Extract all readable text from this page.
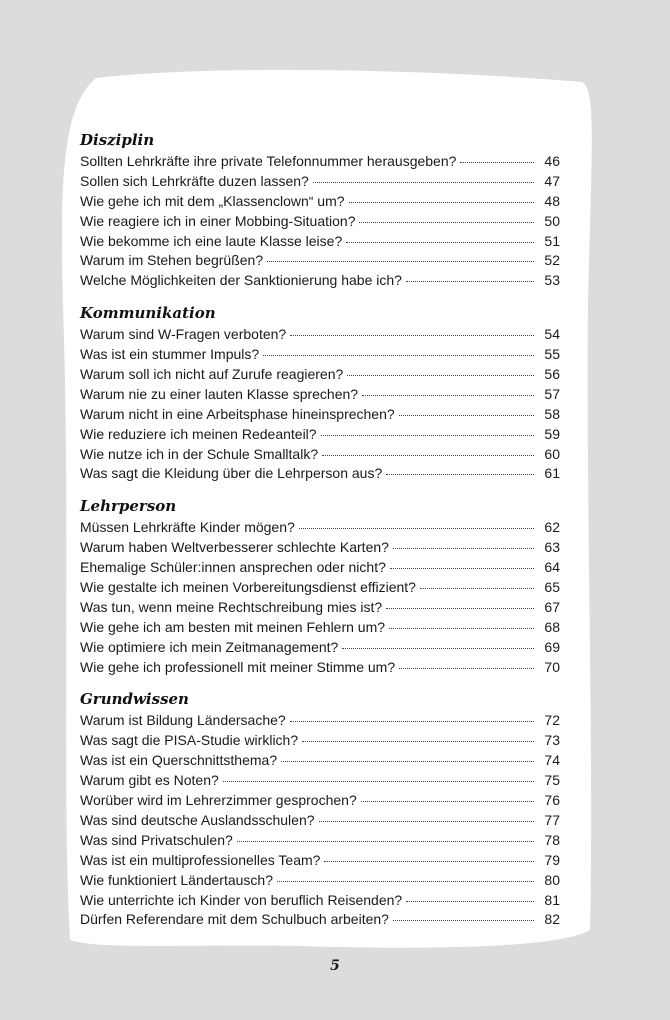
Disziplin
Sollten Lehrkräfte ihre private Telefonnummer herausgeben?	46
Sollen sich Lehrkräfte duzen lassen?	47
Wie gehe ich mit dem „Klassenclown“ um?	48
Wie reagiere ich in einer Mobbing-Situation?	50
Wie bekomme ich eine laute Klasse leise?	51
Warum im Stehen begrüßen?	52
Welche Möglichkeiten der Sanktionierung habe ich?	53
Kommunikation
Warum sind W-Fragen verboten?	54
Was ist ein stummer Impuls?	55
Warum soll ich nicht auf Zurufe reagieren?	56
Warum nie zu einer lauten Klasse sprechen?	57
Warum nicht in eine Arbeitsphase hineinsprechen?	58
Wie reduziere ich meinen Redeanteil?	59
Wie nutze ich in der Schule Smalltalk?	60
Was sagt die Kleidung über die Lehrperson aus?	61
Lehrperson
Müssen Lehrkräfte Kinder mögen?	62
Warum haben Weltverbesserer schlechte Karten?	63
Ehemalige Schüler:innen ansprechen oder nicht?	64
Wie gestalte ich meinen Vorbereitungsdienst effizient?	65
Was tun, wenn meine Rechtschreibung mies ist?	67
Wie gehe ich am besten mit meinen Fehlern um?	68
Wie optimiere ich mein Zeitmanagement?	69
Wie gehe ich professionell mit meiner Stimme um?	70
Grundwissen
Warum ist Bildung Ländersache?	72
Was sagt die PISA-Studie wirklich?	73
Was ist ein Querschnittsthema?	74
Warum gibt es Noten?	75
Worüber wird im Lehrerzimmer gesprochen?	76
Was sind deutsche Auslandsschulen?	77
Was sind Privatschulen?	78
Was ist ein multiprofessionelles Team?	79
Wie funktioniert Ländertausch?	80
Wie unterrichte ich Kinder von beruflich Reisenden?	81
Dürfen Referendare mit dem Schulbuch arbeiten?	82
5
